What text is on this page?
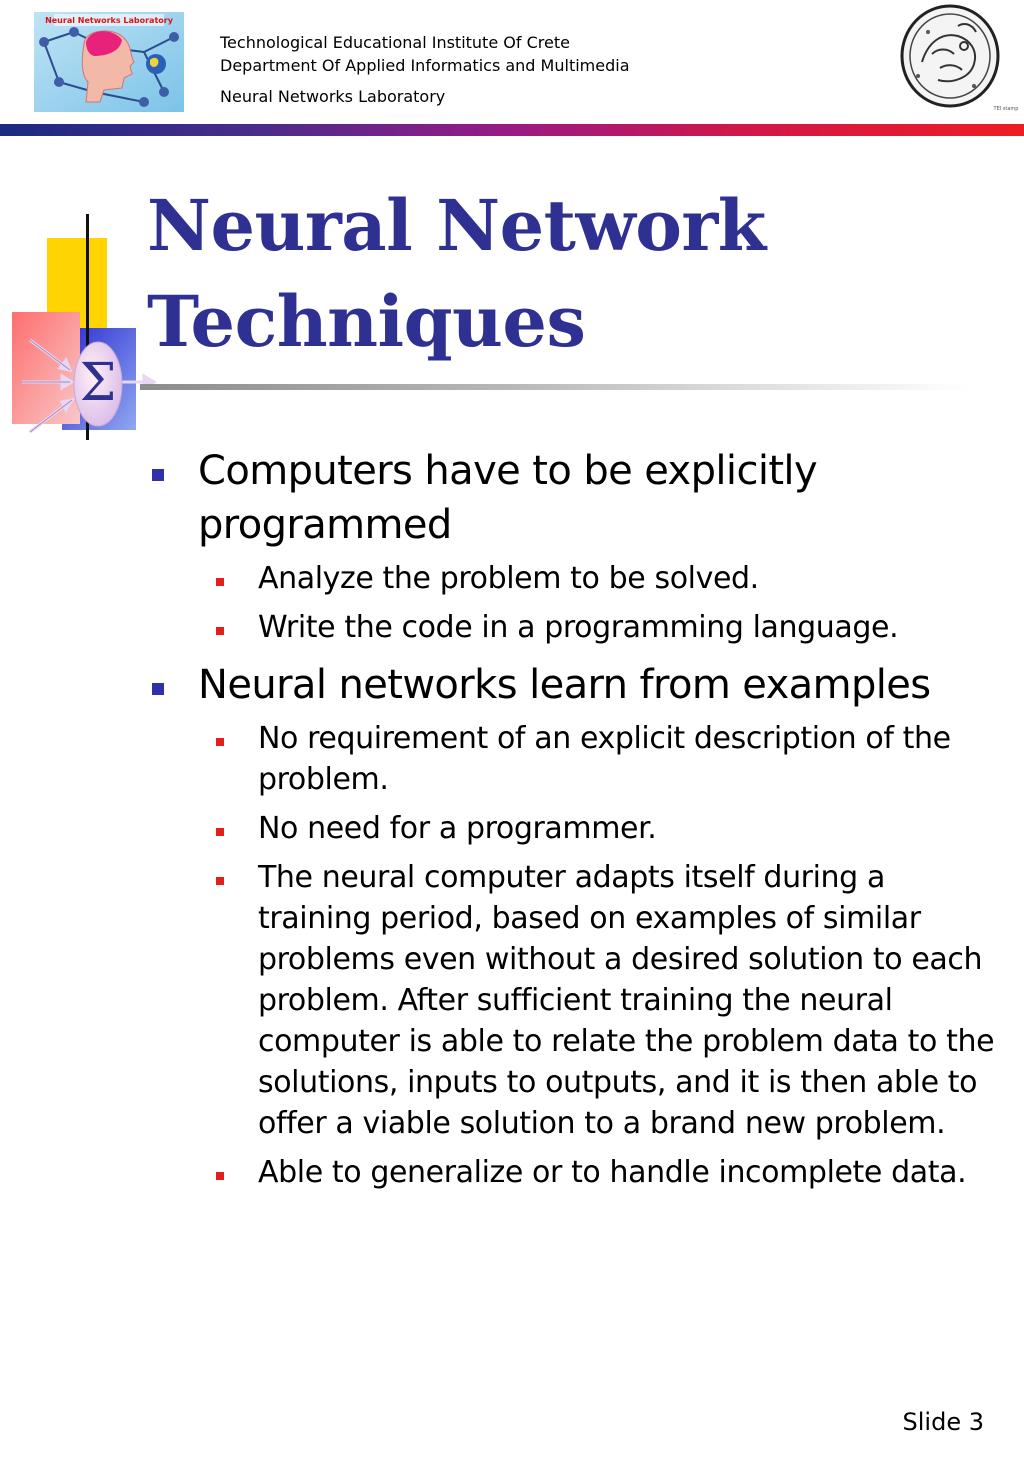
Neural Networks Laboratory
Technological Educational Institute Of Crete
Department Of Applied Informatics and Multimedia
Neural Networks Laboratory
TEI stamp
Σ
Neural Network
Techniques
Computers have to be explicitly programmed
Analyze the problem to be solved.
Write the code in a programming language.
Neural networks learn from examples
No requirement of an explicit description of the problem.
No need for a programmer.
The neural computer adapts itself during a training period, based on examples of similar problems even without a desired solution to each problem. After sufficient training the neural computer is able to relate the problem data to the solutions, inputs to outputs, and it is then able to offer a viable solution to a brand new problem.
Able to generalize or to handle incomplete data.
Slide 3
